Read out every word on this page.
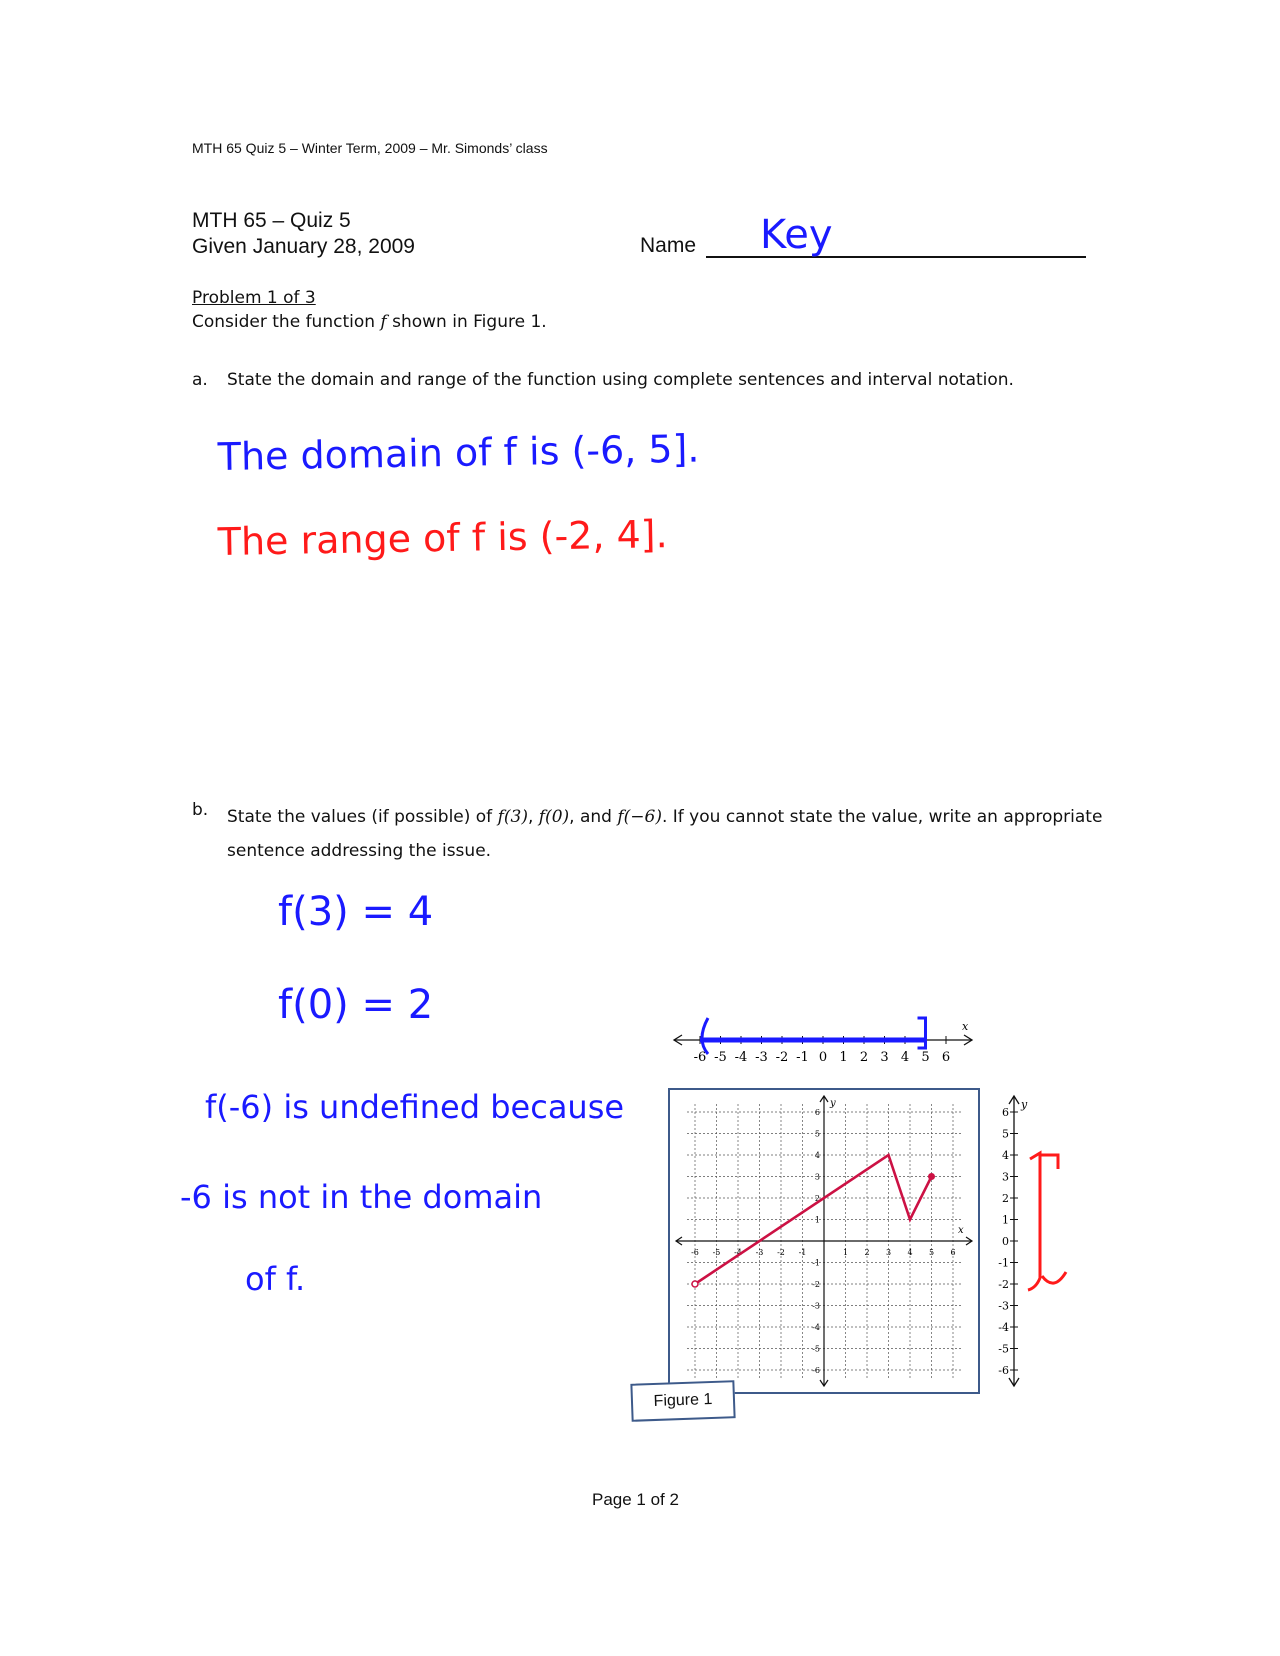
MTH 65 Quiz 5 – Winter Term, 2009 – Mr. Simonds’ class
MTH 65 – Quiz 5
Given January 28, 2009	Name
Problem 1 of 3
Consider the function f shown in Figure 1.
a. State the domain and range of the function using complete sentences and interval notation.
b. State the values (if possible) of f(3), f(0), and f(−6). If you cannot state the value, write an appropriate sentence addressing the issue.
Page 1 of 2
Key
The domain of f is (-6, 5].
The range of f is (-2, 4].
f(3) = 4
f(0) = 2
f(-6) is undefined because
-6 is not in the domain
of f.
x
-6 -5 -4 -3 -2 -1 0 1 2 3 4 5 6
x
y
-6 -5 -4 -3 -2 -1	1 2 3 4 5 6
6
5
4
3
2
1
-1
-2
-3
-4
-5
-6
y
6
5
4
3
2
1
0
-1
-2
-3
-4
-5
-6
Figure 1
